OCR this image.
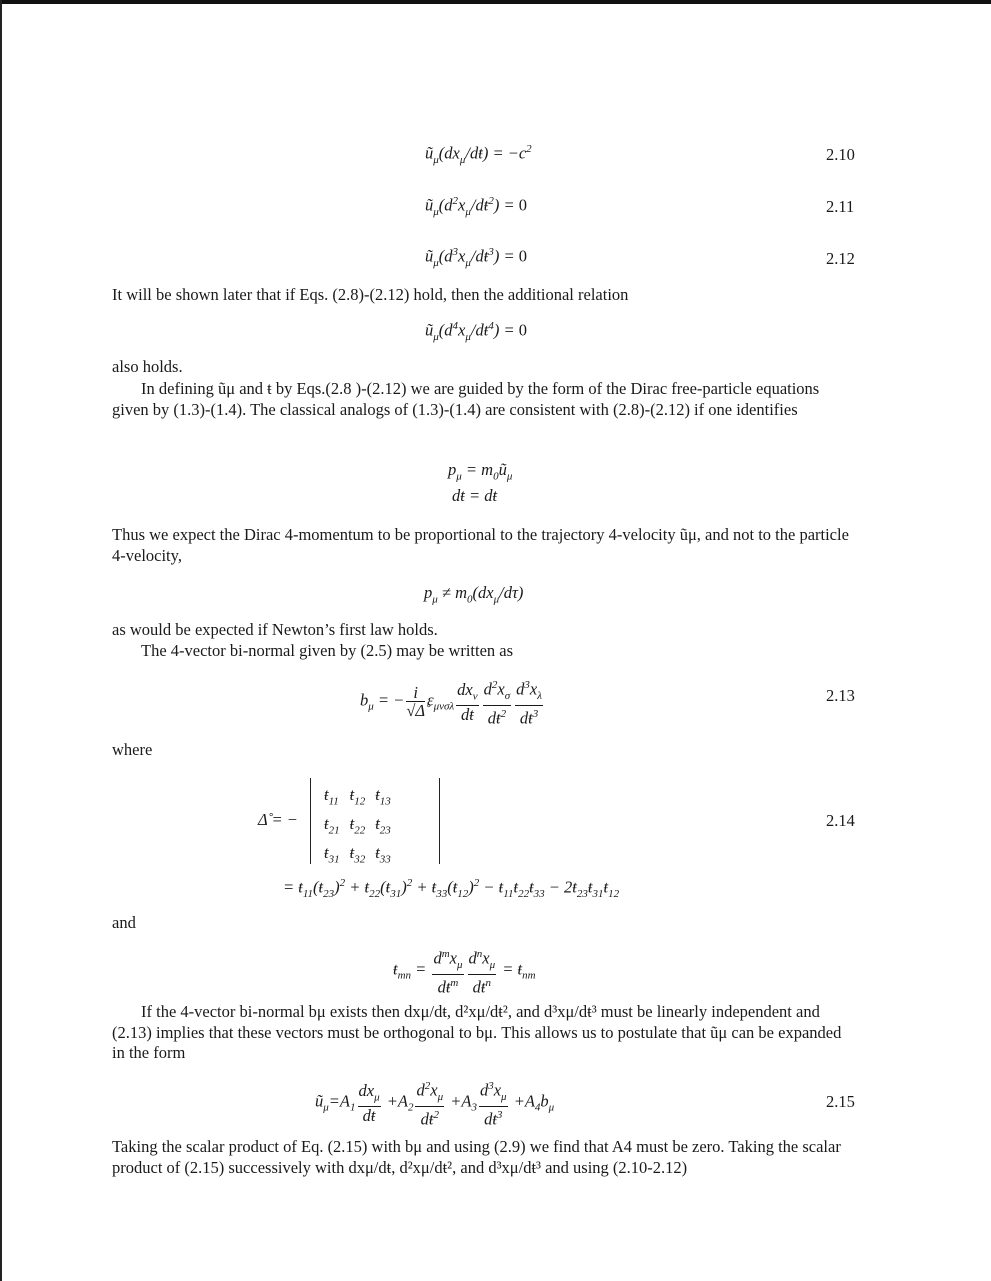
$ũ_\mu(dx_\mu/dŧ) = -c^2$	2.10
$ũ_\mu(d^2x_\mu/dŧ^2) = 0$	2.11
$ũ_\mu(d^3x_\mu/dŧ^3) = 0$	2.12
It will be shown later that if Eqs. (2.8)-(2.12) hold, then the additional relation
$ũ_\mu(d^4x_\mu/dŧ^4) = 0$
also holds.
In defining ũμ and ŧ by Eqs.(2.8 )-(2.12) we are guided by the form of the Dirac free-particle equations given by (1.3)-(1.4). The classical analogs of (1.3)-(1.4) are consistent with (2.8)-(2.12) if one identifies
$p_\mu$ = $m_0ũ_\mu$
dŧ = dŧ
Thus we expect the Dirac 4-momentum to be proportional to the trajectory 4-velocity ũμ, and not to the particle 4-velocity,
$p_\mu \ne m_0(dx_\mu/d\tau)$
as would be expected if Newton’s first law holds.
The 4-vector bi-normal given by (2.5) may be written as
$b_\mu$ = − $\frac{i}{√\Deltå} \varepsilon_{\mu\nu\sigma\lambda} \frac{dx_\nu}{dŧ} \frac{d^2x_\sigma}{dŧ^2} \frac{d^3x_\lambda}{dŧ^3}$	2.13
where
Δ̊ = −
$ŧ_{11}$	$ŧ_{12}$	$ŧ_{13}$
$ŧ_{21}$	$ŧ_{22}$	$ŧ_{23}$
$ŧ_{31}$	$ŧ_{32}$	$ŧ_{33}$
2.14
= $ŧ_{11}(ŧ_{23})^2$ + $ŧ_{22}(ŧ_{31})^2$ + $ŧ_{33}(ŧ_{12})^2$ − $ŧ_{11}ŧ_{22}ŧ_{33}$ − $2ŧ_{23}ŧ_{31}ŧ_{12}$
and
$ŧ_{mn} = \frac{d^mx_\mu}{dŧ^m} \frac{d^nx_\mu}{dŧ^n}$ = $ŧ_{nm}$
If the 4-vector bi-normal bμ exists then dxμ/dŧ, d²xμ/dŧ², and d³xμ/dŧ³ must be linearly independent and (2.13) implies that these vectors must be orthogonal to bμ. This allows us to postulate that ũμ can be expanded in the form
$ũ_\mu=A_1 \frac{dx_\mu}{dŧ} +A_2 \frac{d^2x_\mu}{dŧ^2} +A_3 \frac{d^3x_\mu}{dŧ^3} +A_4b_\mu$	2.15
Taking the scalar product of Eq. (2.15) with bμ and using (2.9) we find that A4 must be zero. Taking the scalar product of (2.15) successively with dxμ/dŧ, d²xμ/dŧ², and d³xμ/dŧ³ and using (2.10-2.12)
